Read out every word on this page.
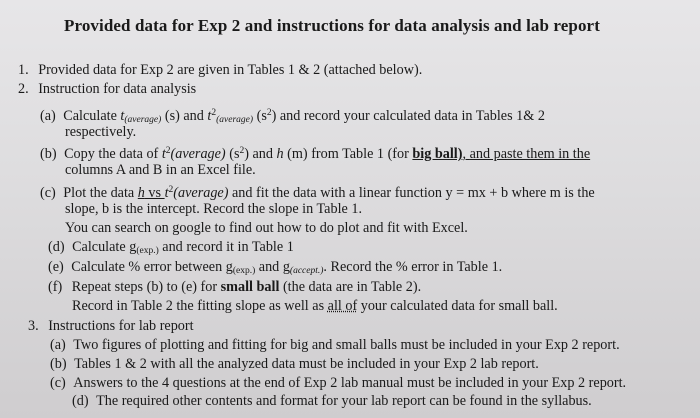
Provided data for Exp 2 and instructions for data analysis and lab report
1. Provided data for Exp 2 are given in Tables 1 & 2 (attached below).
2. Instruction for data analysis
(a) Calculate $t_{(average)}$ (s) and $t^2_{(average)}$ $(s^2)$ and record your calculated data in Tables 1& 2
respectively.
(b) Copy the data of $t^2(average)$ $(s^2)$ and h (m) from Table 1 (for big ball), and paste them in the
columns A and B in an Excel file.
(c) Plot the data h vs $t^2(average)$ and fit the data with a linear function y = mx + b where m is the
slope, b is the intercept. Record the slope in Table 1.
You can search on google to find out how to do plot and fit with Excel.
(d) Calculate $g_{(exp.)}$ and record it in Table 1
(e) Calculate % error between $g_{(exp.)}$ and $g_{(accept.)}$. Record the % error in Table 1.
(f) Repeat steps (b) to (e) for small ball (the data are in Table 2).
Record in Table 2 the fitting slope as well as all of your calculated data for small ball.
3. Instructions for lab report
(a) Two figures of plotting and fitting for big and small balls must be included in your Exp 2 report.
(b) Tables 1 & 2 with all the analyzed data must be included in your Exp 2 lab report.
(c) Answers to the 4 questions at the end of Exp 2 lab manual must be included in your Exp 2 report.
(d) The required other contents and format for your lab report can be found in the syllabus.
